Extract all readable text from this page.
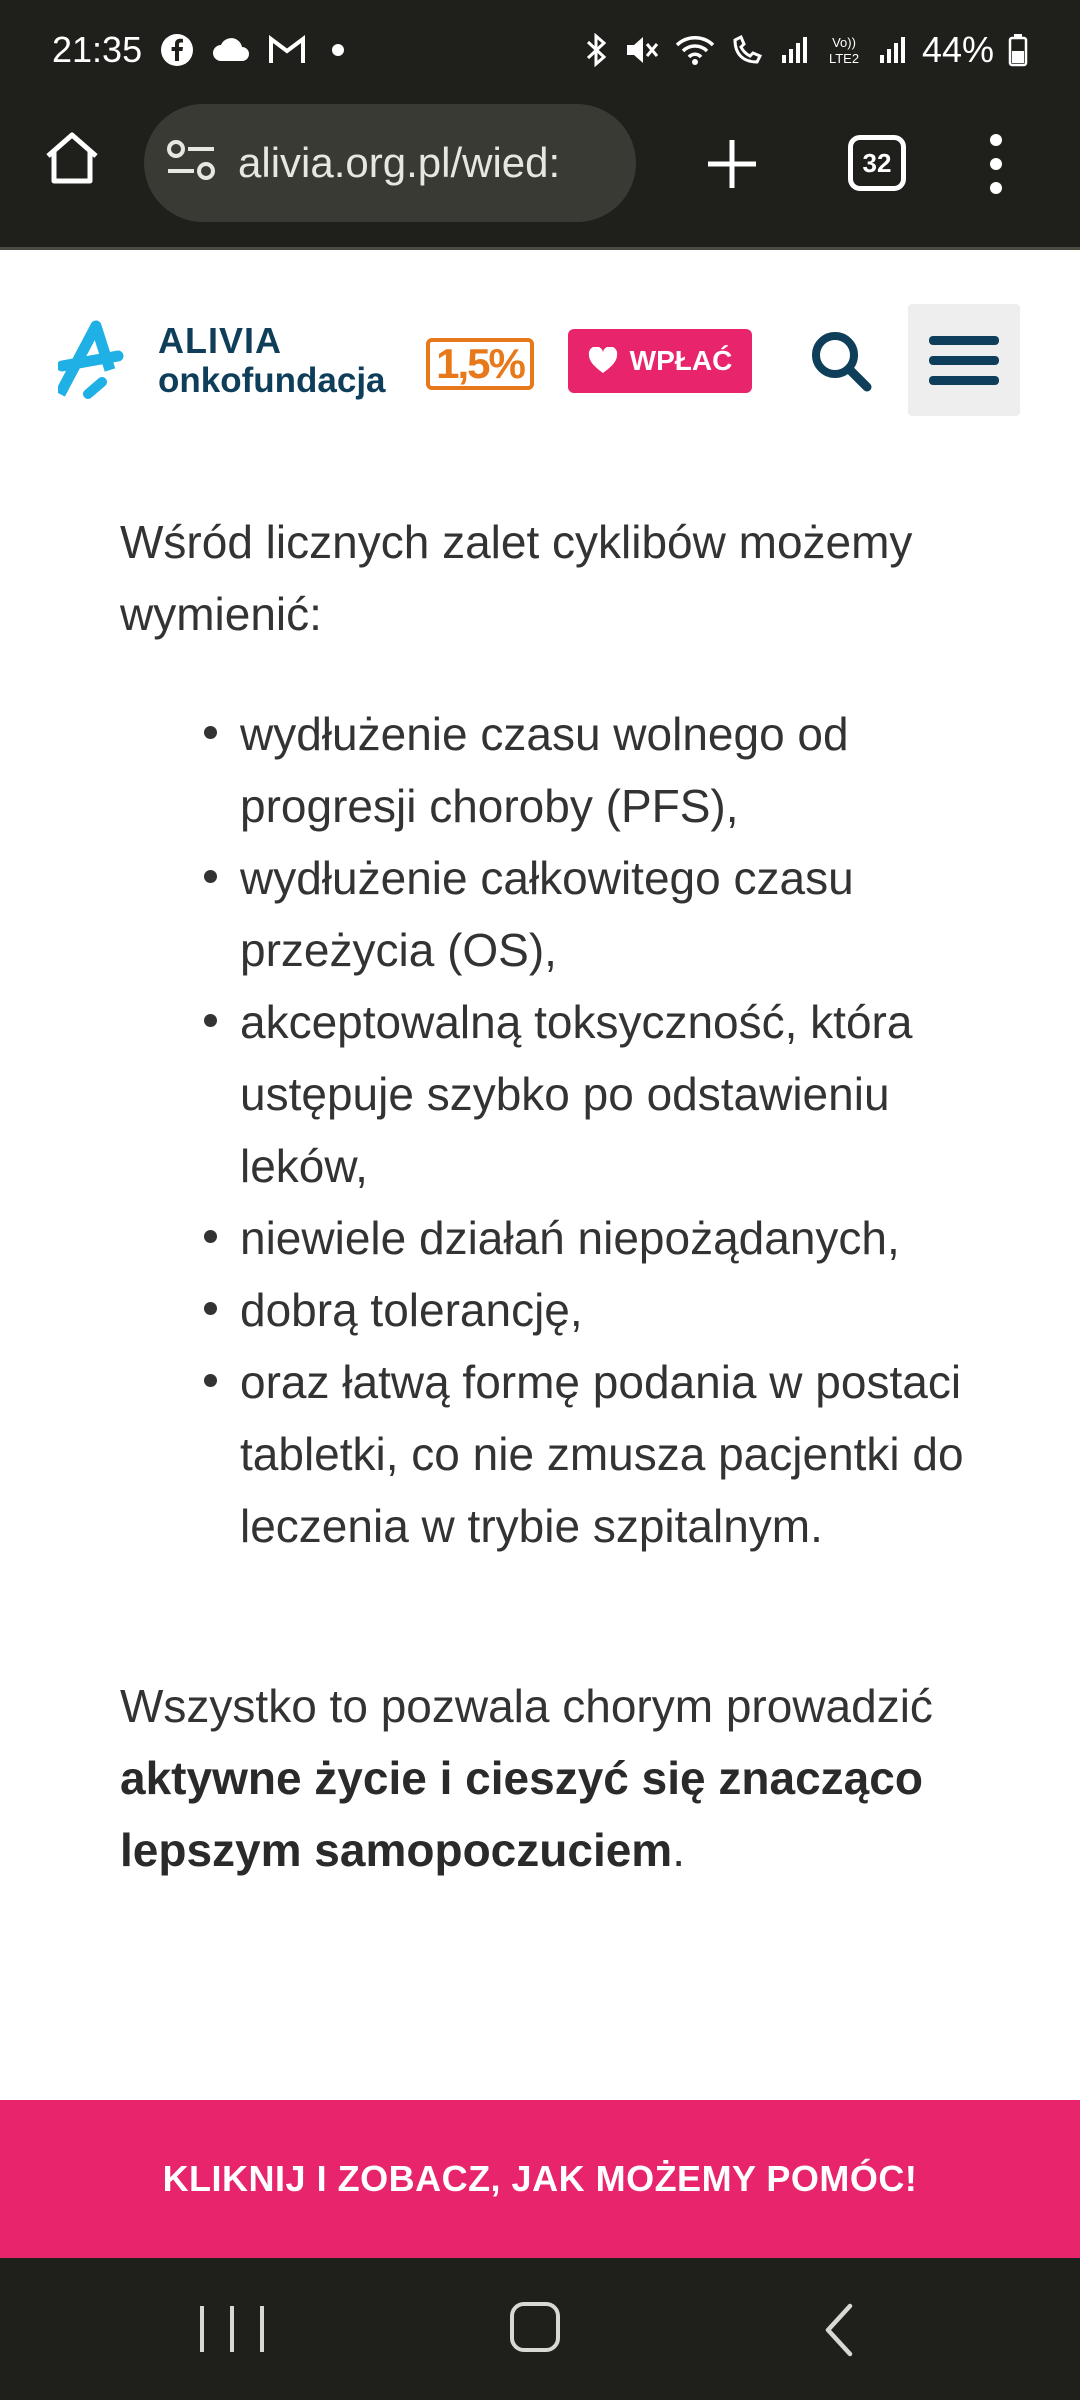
21:35	Vo))
LTE2 44%
alivia.org.pl/wied:	32
ALIVIA
onkofundacja 1,5%	WPŁAĆ

Wśród licznych zalet cyklibów możemy wymienić:

wydłużenie czasu wolnego od progresji choroby (PFS),
wydłużenie całkowitego czasu przeżycia (OS),
akceptowalną toksyczność, która ustępuje szybko po odstawieniu leków,
niewiele działań niepożądanych,
dobrą tolerancję,
oraz łatwą formę podania w postaci tabletki, co nie zmusza pacjentki do leczenia w trybie szpitalnym.

Wszystko to pozwala chorym prowadzić aktywne życie i cieszyć się znacząco lepszym samopoczuciem.

KLIKNIJ I ZOBACZ, JAK MOŻEMY POMÓC!
